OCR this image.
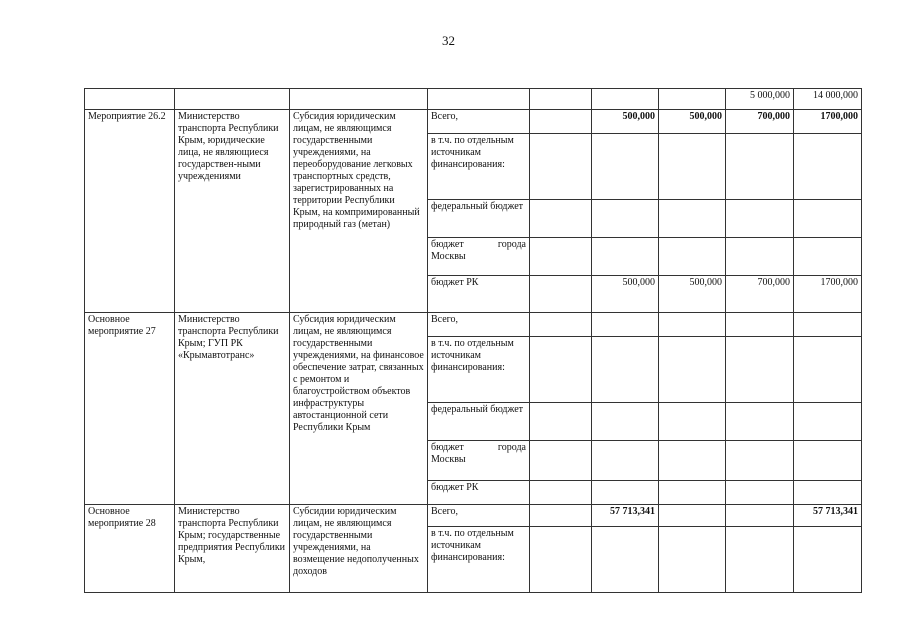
32
							5 000,000	14 000,000
Мероприятие 26.2	Министерство транспорта Республики Крым, юридические лица, не являющиеся государствен-ными учреждениями	Субсидия юридическим лицам, не являющимся государственными учреждениями, на переоборудование легковых транспортных средств, зарегистрированных на территории Республики Крым, на компримированный природный газ (метан)	Всего,		500,000	500,000	700,000	1700,000
			в т.ч. по отдельным источникам финансирования:					
			федеральный бюджет					

			бюджет города
Москвы					

			бюджет РК		500,000	500,000	700,000	1700,000
Основное мероприятие 27	Министерство транспорта Республики Крым; ГУП РК «Крымавтотранс»	Субсидия юридическим лицам, не являющимся государственными учреждениями, на финансовое обеспечение затрат, связанных с ремонтом и благоустройством объектов инфраструктуры автостанционной сети Республики Крым	Всего,					
			в т.ч. по отдельным источникам финансирования:					
			федеральный бюджет					

			бюджет города
Москвы					

			бюджет РК					
Основное мероприятие 28	Министерство транспорта Республики Крым; государственные предприятия Республики Крым,	Субсидии юридическим лицам, не являющимся государственными учреждениями, на возмещение недополученных доходов	Всего,		57 713,341			57 713,341
			в т.ч. по отдельным источникам финансирования:					
